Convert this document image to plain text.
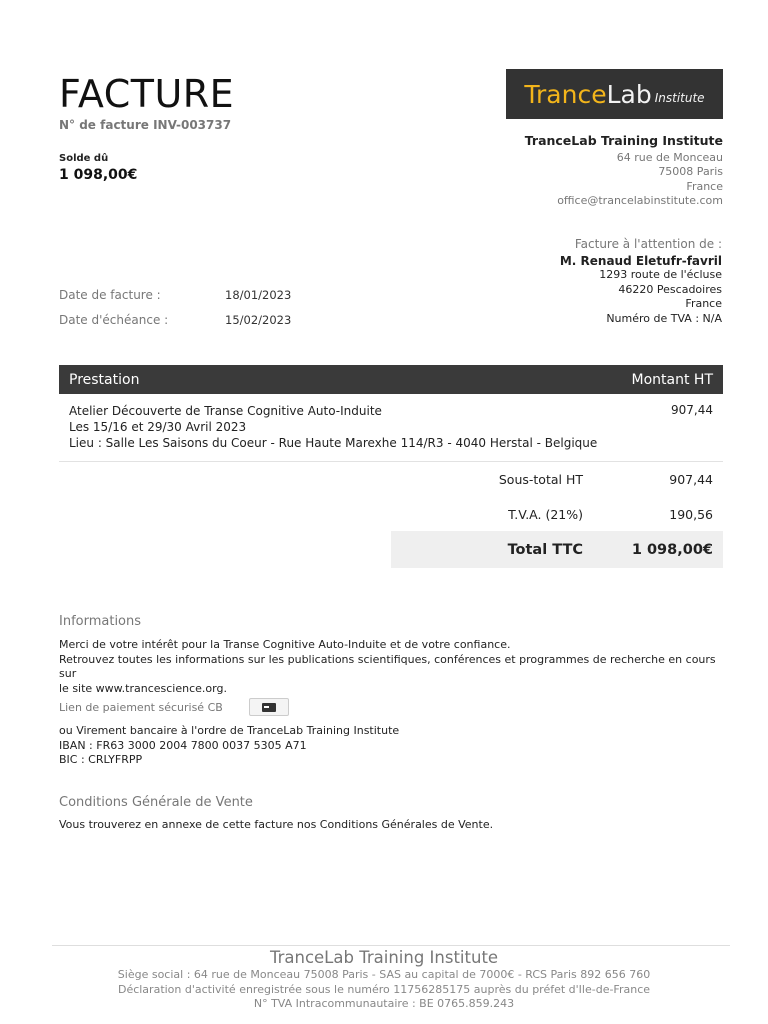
FACTURE
N° de facture INV-003737
Solde dû
1 098,00€
Trance Lab Institute
TranceLab Training Institute
64 rue de Monceau
75008 Paris
France
office@trancelabinstitute.com
Facture à l'attention de :
M. Renaud Eletufr-favril
1293 route de l'écluse
46220 Pescadoires
France
Numéro de TVA : N/A
Date de facture :	18/01/2023
Date d'échéance :	15/02/2023
Prestation	Montant HT
Atelier Découverte de Transe Cognitive Auto-Induite
Les 15/16 et 29/30 Avril 2023
Lieu : Salle Les Saisons du Coeur - Rue Haute Marexhe 114/R3 - 4040 Herstal - Belgique
907,44
Sous-total HT	907,44
T.V.A. (21%)	190,56
Total TTC	1 098,00€
Informations
Merci de votre intérêt pour la Transe Cognitive Auto-Induite et de votre confiance.
Retrouvez toutes les informations sur les publications scientifiques, conférences et programmes de recherche en cours sur
le site www.trancescience.org.
Lien de paiement sécurisé CB
ou Virement bancaire à l'ordre de TranceLab Training Institute
IBAN : FR63 3000 2004 7800 0037 5305 A71
BIC : CRLYFRPP
Conditions Générale de Vente
Vous trouverez en annexe de cette facture nos Conditions Générales de Vente.
TranceLab Training Institute
Siège social : 64 rue de Monceau 75008 Paris - SAS au capital de 7000€ - RCS Paris 892 656 760
Déclaration d'activité enregistrée sous le numéro 11756285175 auprès du préfet d'Ile-de-France
N° TVA Intracommunautaire : BE 0765.859.243
